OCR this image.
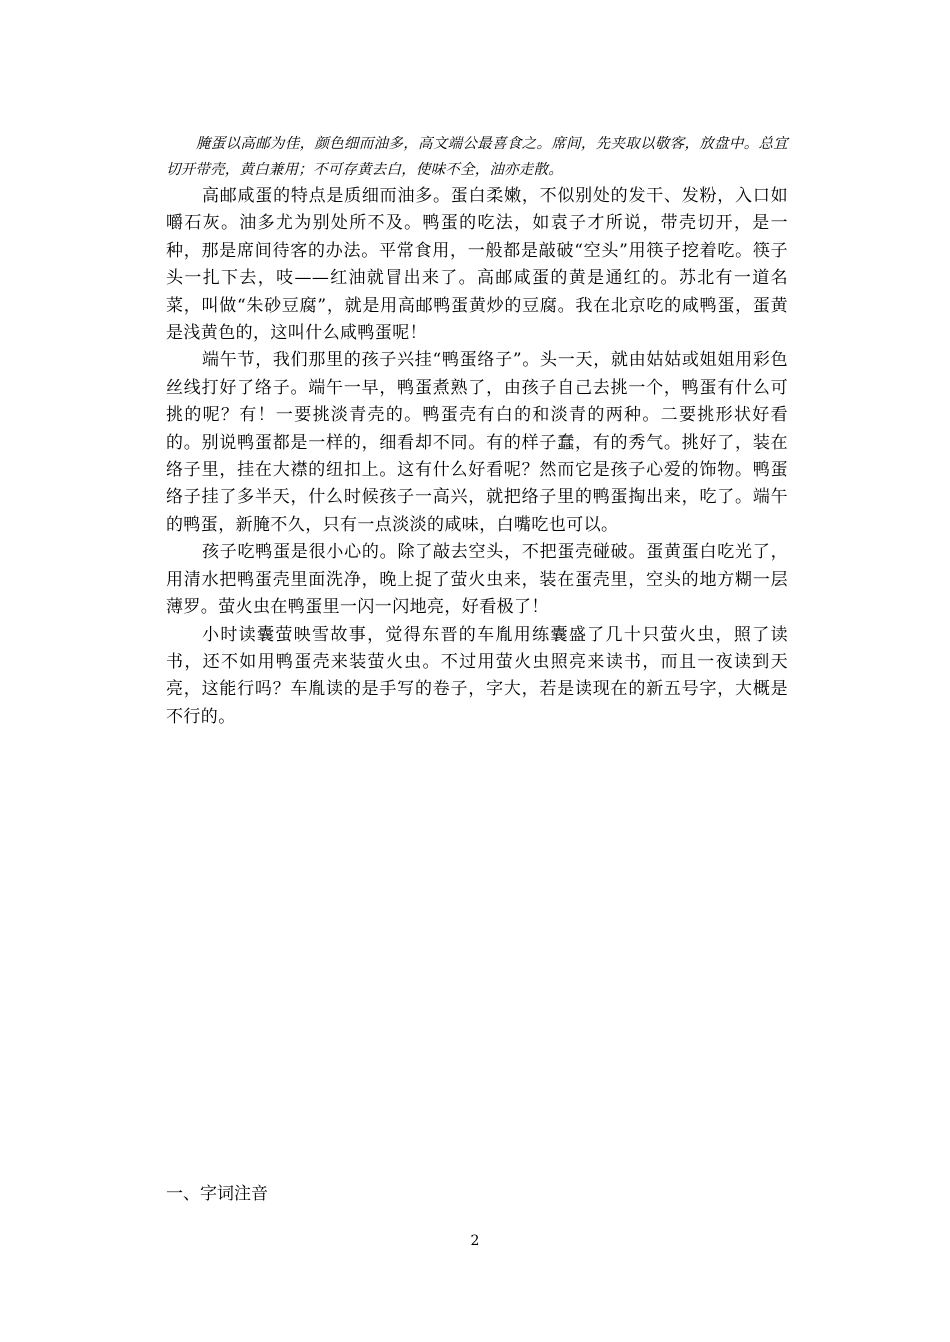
腌蛋以高邮为佳，颜色细而油多，高文端公最喜食之。席间，先夹取以敬客，放盘中。总宜切开带壳，黄白兼用；不可存黄去白，使味不全，油亦走散。

高邮咸蛋的特点是质细而油多。蛋白柔嫩，不似别处的发干、发粉，入口如嚼石灰。油多尤为别处所不及。鸭蛋的吃法，如袁子才所说，带壳切开，是一种，那是席间待客的办法。平常食用，一般都是敲破“空头”用筷子挖着吃。筷子头一扎下去，吱——红油就冒出来了。高邮咸蛋的黄是通红的。苏北有一道名菜，叫做“朱砂豆腐”，就是用高邮鸭蛋黄炒的豆腐。我在北京吃的咸鸭蛋，蛋黄是浅黄色的，这叫什么咸鸭蛋呢！

端午节，我们那里的孩子兴挂“鸭蛋络子”。头一天，就由姑姑或姐姐用彩色丝线打好了络子。端午一早，鸭蛋煮熟了，由孩子自己去挑一个，鸭蛋有什么可挑的呢？有！一要挑淡青壳的。鸭蛋壳有白的和淡青的两种。二要挑形状好看的。别说鸭蛋都是一样的，细看却不同。有的样子蠢，有的秀气。挑好了，装在络子里，挂在大襟的纽扣上。这有什么好看呢？然而它是孩子心爱的饰物。鸭蛋络子挂了多半天，什么时候孩子一高兴，就把络子里的鸭蛋掏出来，吃了。端午的鸭蛋，新腌不久，只有一点淡淡的咸味，白嘴吃也可以。

孩子吃鸭蛋是很小心的。除了敲去空头，不把蛋壳碰破。蛋黄蛋白吃光了，用清水把鸭蛋壳里面洗净，晚上捉了萤火虫来，装在蛋壳里，空头的地方糊一层薄罗。萤火虫在鸭蛋里一闪一闪地亮，好看极了！

小时读囊萤映雪故事，觉得东晋的车胤用练囊盛了几十只萤火虫，照了读书，还不如用鸭蛋壳来装萤火虫。不过用萤火虫照亮来读书，而且一夜读到天亮，这能行吗？车胤读的是手写的卷子，字大，若是读现在的新五号字，大概是不行的。

一、字词注音

2
